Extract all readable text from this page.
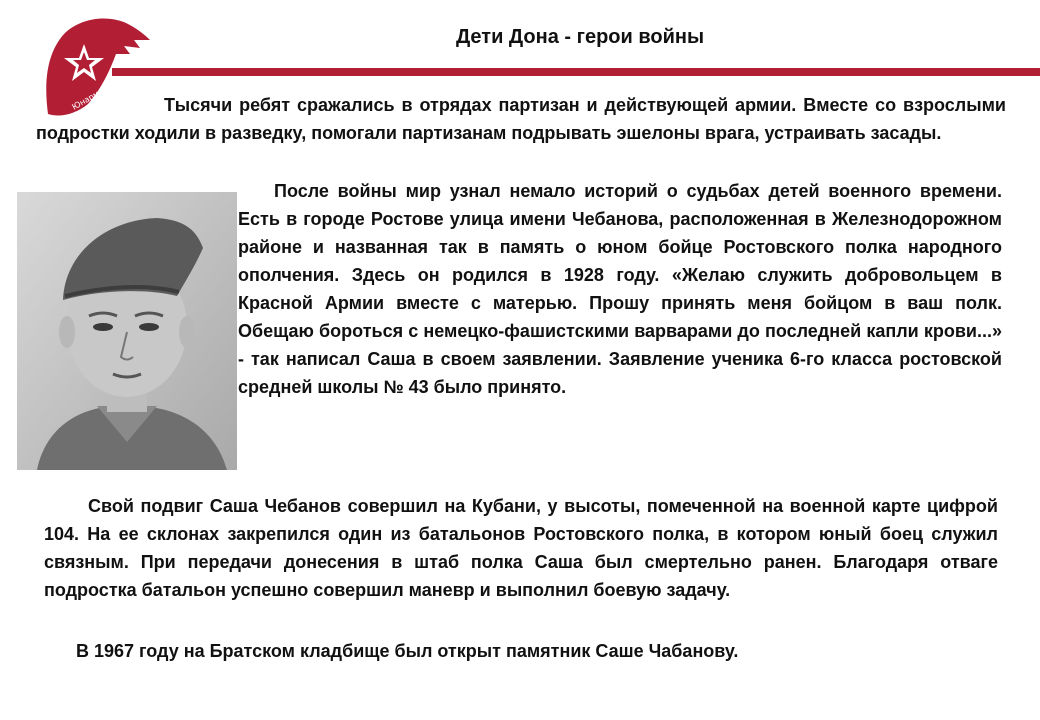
Юнармия
Дети Дона - герои войны
Тысячи ребят сражались в отрядах партизан и действующей армии. Вместе со взрослыми подростки ходили в разведку, помогали партизанам подрывать эшелоны врага, устраивать засады.
После войны мир узнал немало историй о судьбах детей военного времени. Есть в городе Ростове улица имени Чебанова, расположенная в Железнодорожном районе и названная так в память о юном бойце Ростовского полка народного ополчения. Здесь он родился в 1928 году. «Желаю служить добровольцем в Красной Армии вместе с матерью. Прошу принять меня бойцом в ваш полк. Обещаю бороться с немецко-фашистскими варварами до последней капли крови...» - так написал Саша в своем заявлении. Заявление ученика 6-го класса ростовской средней школы № 43 было принято.
Свой подвиг Саша Чебанов совершил на Кубани, у высоты, помеченной на военной карте цифрой 104. На ее склонах закрепился один из батальонов Ростовского полка, в котором юный боец служил связным. При передачи донесения в штаб полка Саша был смертельно ранен. Благодаря отваге подростка батальон успешно совершил маневр и выполнил боевую задачу.
В 1967 году на Братском кладбище был открыт памятник Саше Чабанову.
